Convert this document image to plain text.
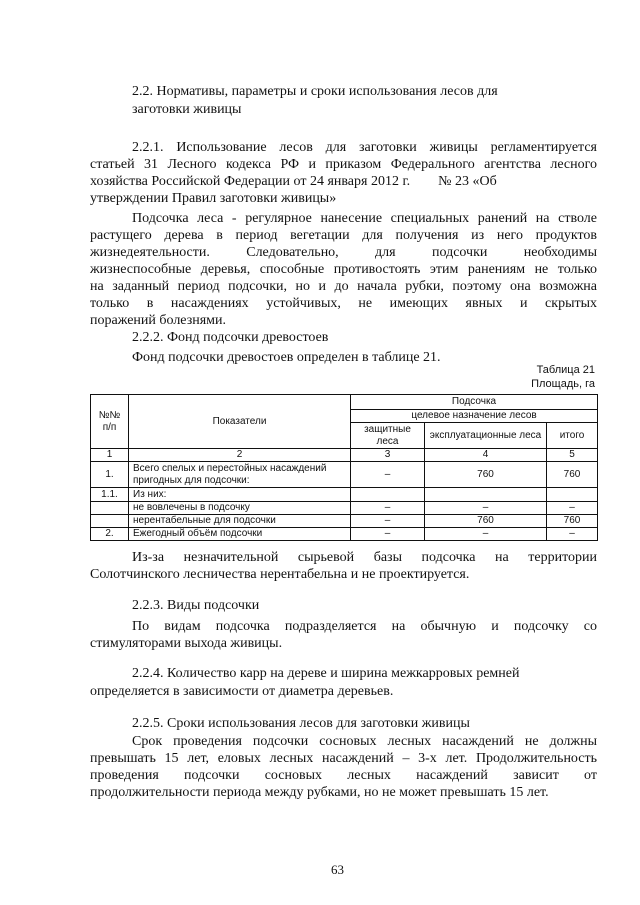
2.2. Нормативы, параметры и сроки использования лесов для
заготовки живицы
2.2.1. Использование лесов для заготовки живицы регламентируется
статьей 31 Лесного кодекса РФ и приказом Федерального агентства лесного
хозяйства Российской Федерации от 24 января 2012 г.        № 23 «Об
утверждении Правил заготовки живицы»
Подсочка леса - регулярное нанесение специальных ранений на стволе
растущего дерева в период вегетации для получения из него продуктов
жизнедеятельности. Следовательно, для подсочки необходимы
жизнеспособные деревья, способные противостоять этим ранениям не только
на заданный период подсочки, но и до начала рубки, поэтому она возможна
только в насаждениях устойчивых, не имеющих явных и скрытых
поражений болезнями.
2.2.2. Фонд подсочки древостоев
Фонд подсочки древостоев определен в таблице 21.
Таблица 21
Площадь, га
№№ п/п	Показатели	Подсочка		
		целевое назначение лесов		
		защитные леса	эксплуатационные леса	итого
1	2	3	4	5
1.	Всего спелых и перестойных насаждений пригодных для подсочки:	–	760	760
1.1.	Из них:			
	не вовлечены в подсочку	–	–	–
	нерентабельные для подсочки	–	760	760
2.	Ежегодный объём подсочки	–	–	–
Из-за незначительной сырьевой базы подсочка на территории
Солотчинского лесничества нерентабельна и не проектируется.
2.2.3. Виды подсочки
По видам подсочка подразделяется на обычную и подсочку со
стимуляторами выхода живицы.
2.2.4. Количество карр на дереве и ширина межкарровых ремней
определяется в зависимости от диаметра деревьев.
2.2.5. Сроки использования лесов для заготовки живицы
Срок проведения подсочки сосновых лесных насаждений не должны
превышать 15 лет, еловых лесных насаждений – 3-х лет. Продолжительность
проведения подсочки сосновых лесных насаждений зависит от
продолжительности периода между рубками, но не может превышать 15 лет.
63
